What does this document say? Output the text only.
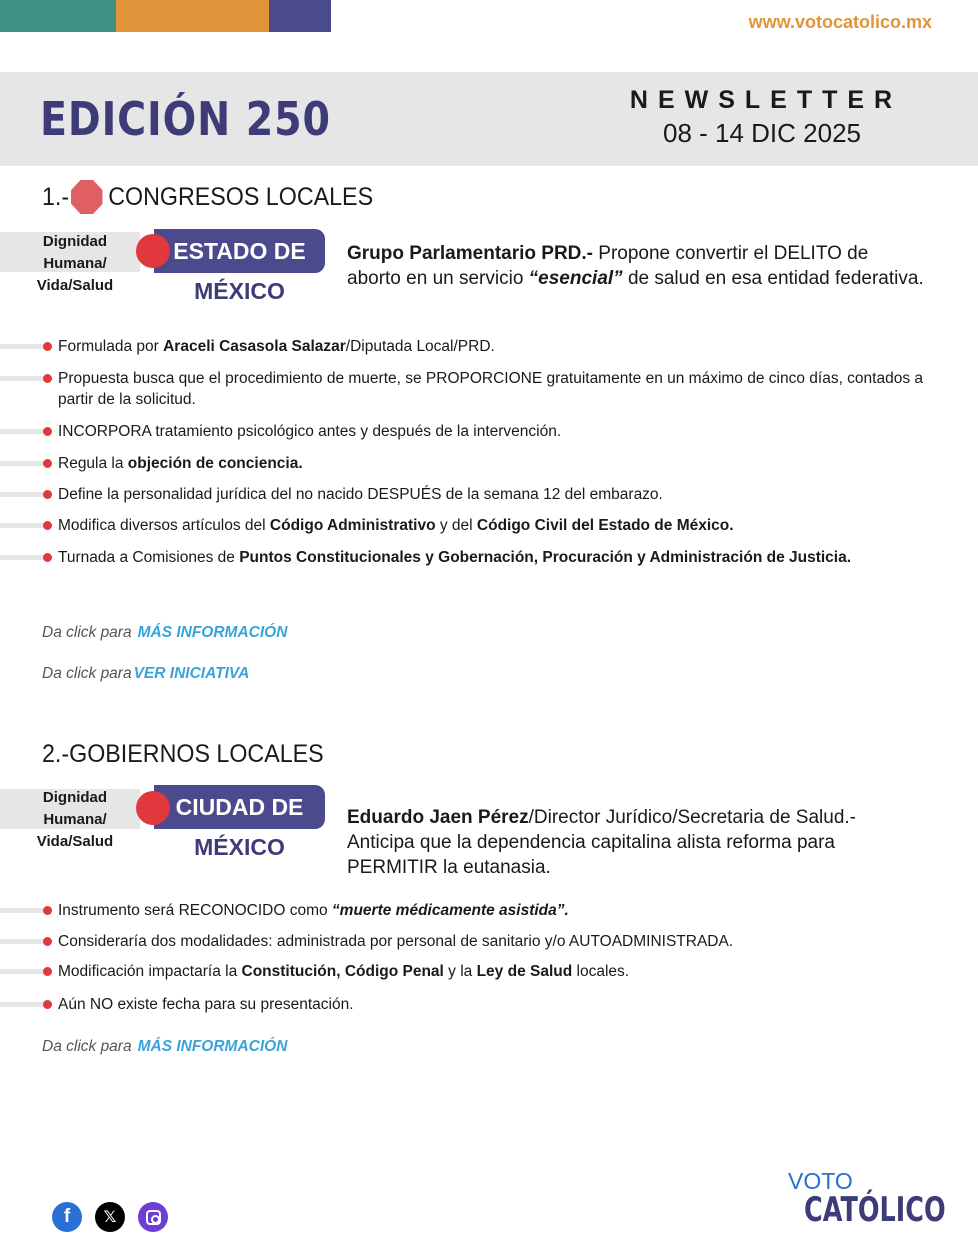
www.votocatolico.mx
EDICIÓN 250	NEWSLETTER
08 - 14 DIC 2025
1.- CONGRESOS LOCALES
Dignidad
Humana/
Vida/Salud
ESTADO DE
MÉXICO
Grupo Parlamentario PRD.- Propone convertir el DELITO de aborto en un servicio “esencial” de salud en esa entidad federativa.
Formulada por Araceli Casasola Salazar/Diputada Local/PRD.
Propuesta busca que el procedimiento de muerte, se PROPORCIONE gratuitamente en un máximo de cinco días, contados a partir de la solicitud.
INCORPORA tratamiento psicológico antes y después de la intervención.
Regula la objeción de conciencia.
Define la personalidad jurídica del no nacido DESPUÉS de la semana 12 del embarazo.
Modifica diversos artículos del Código Administrativo y del Código Civil del Estado de México.
Turnada a Comisiones de Puntos Constitucionales y Gobernación, Procuración y Administración de Justicia.
Da click para MÁS INFORMACIÓN
Da click para VER INICIATIVA
2.-GOBIERNOS LOCALES
Dignidad
Humana/
Vida/Salud
CIUDAD DE
MÉXICO
Eduardo Jaen Pérez/Director Jurídico/Secretaria de Salud.- Anticipa que la dependencia capitalina alista reforma para PERMITIR la eutanasia.
Instrumento será RECONOCIDO como “muerte médicamente asistida”.
Consideraría dos modalidades: administrada por personal de sanitario y/o AUTOADMINISTRADA.
Modificación impactaría la Constitución, Código Penal y la Ley de Salud locales.
Aún NO existe fecha para su presentación.
Da click para MÁS INFORMACIÓN
f 𝕏
VOTO
CATÓLICO
